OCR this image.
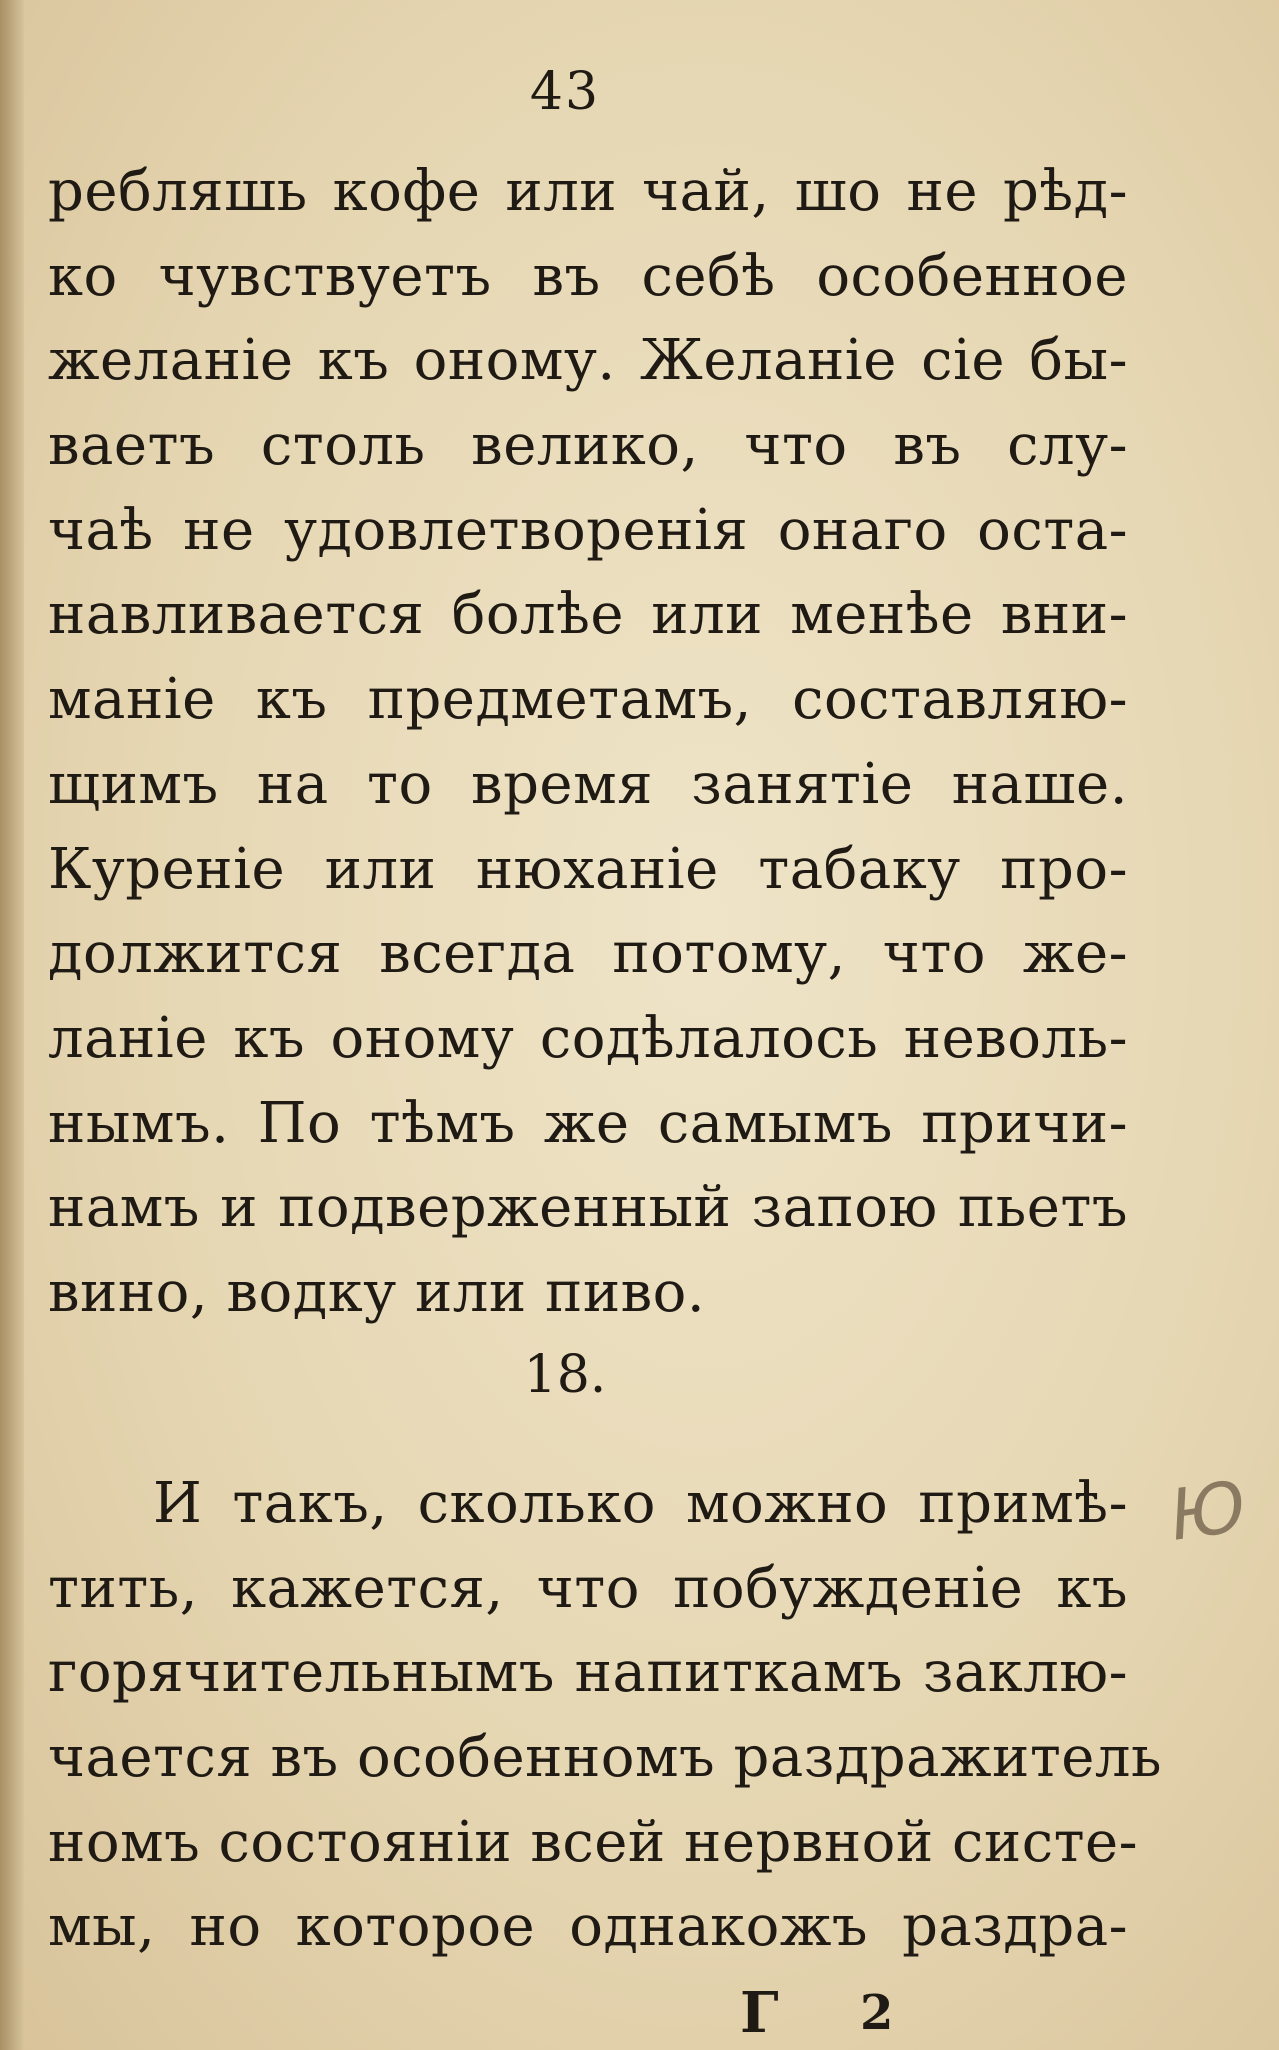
43
ребляшь кофе или чай, шо не рѣд-
ко чувствуетъ въ себѣ особенное
желаніе къ оному. Желаніе сіе бы-
ваетъ столь велико, что въ слу-
чаѣ не удовлетворенія онаго оста-
навливается болѣе или менѣе вни-
маніе къ предметамъ, составляю-
щимъ на то время занятіе наше.
Куреніе или нюханіе табаку про-
должится всегда потому, что же-
ланіе къ оному содѣлалось неволь-
нымъ. По тѣмъ же самымъ причи-
намъ и подверженный запою пьетъ
вино, водку или пиво.
18.
И такъ, сколько можно примѣ-
тить, кажется, что побужденіе къ
горячительнымъ напиткамъ заклю-
чается въ особенномъ раздражитель
номъ состояніи всей нервной систе-
мы, но которое однакожъ раздра-
Г 2
Ю
